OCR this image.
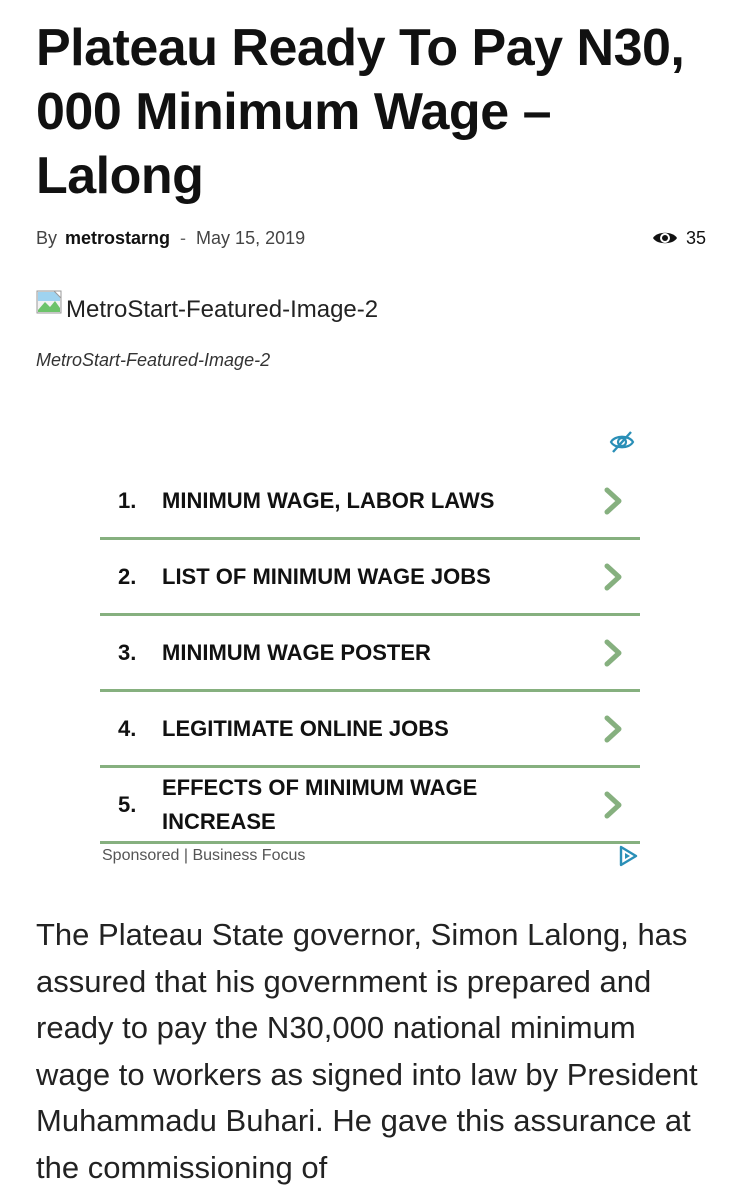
Plateau Ready To Pay N30, 000 Minimum Wage – Lalong
By metrostarng - May 15, 2019	35
MetroStart-Featured-Image-2
MetroStart-Featured-Image-2
1.	MINIMUM WAGE, LABOR LAWS
2.	LIST OF MINIMUM WAGE JOBS
3.	MINIMUM WAGE POSTER
4.	LEGITIMATE ONLINE JOBS
5.
EFFECTS OF MINIMUM WAGE INCREASE
Sponsored | Business Focus

The Plateau State governor, Simon Lalong, has assured that his government is prepared and ready to pay the N30,000 national minimum wage to workers as signed into law by President Muhammadu Buhari. He gave this assurance at the commissioning of
